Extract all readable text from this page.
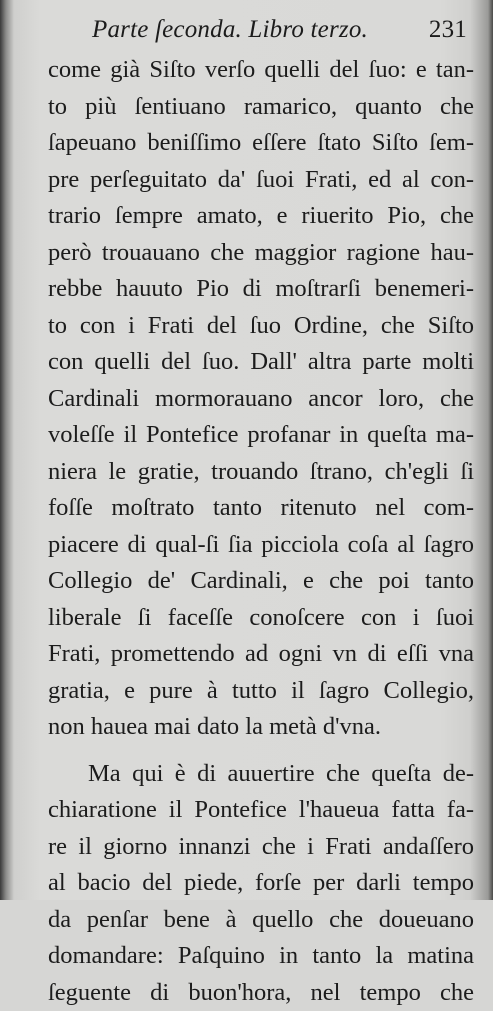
Parte ſeconda. Libro terzo. 231
come già Siſto verſo quelli del ſuo: e tan-
to più ſentiuano ramarico, quanto che
ſapeuano beniſſimo eſſere ſtato Siſto ſem-
pre perſeguitato da' ſuoi Frati, ed al con-
trario ſempre amato, e riuerito Pio, che
però trouauano che maggior ragione hau-
rebbe hauuto Pio di moſtrarſi benemeri-
to con i Frati del ſuo Ordine, che Siſto
con quelli del ſuo. Dall' altra parte molti
Cardinali mormorauano ancor loro, che
voleſſe il Pontefice profanar in queſta ma-
niera le gratie, trouando ſtrano, ch'egli ſi
foſſe moſtrato tanto ritenuto nel com-
piacere di qual-ſi ſia picciola coſa al ſagro
Collegio de' Cardinali, e che poi tanto
liberale ſi faceſſe conoſcere con i ſuoi
Frati, promettendo ad ogni vn di eſſi vna
gratia, e pure à tutto il ſagro Collegio,
non hauea mai dato la metà d'vna.
Ma qui è di auuertire che queſta de-
chiaratione il Pontefice l'haueua fatta fa-
re il giorno innanzi che i Frati andaſſero
al bacio del piede, forſe per darli tempo
da penſar bene à quello che doueuano
domandare: Paſquino in tanto la matina
ſeguente di buon'hora, nel tempo che
